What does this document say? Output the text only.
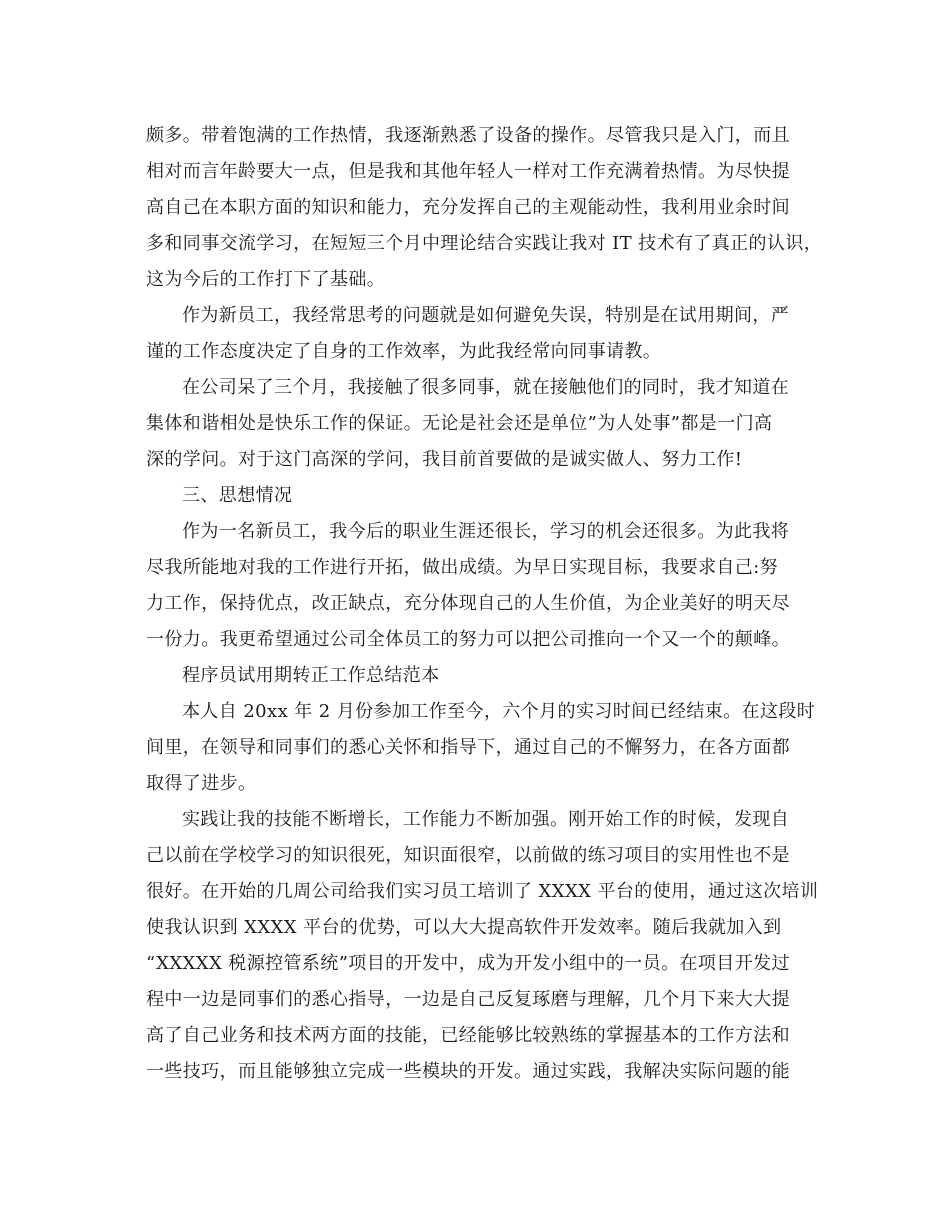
颇多。带着饱满的工作热情，我逐渐熟悉了设备的操作。尽管我只是入门，而且
相对而言年龄要大一点，但是我和其他年轻人一样对工作充满着热情。为尽快提
高自己在本职方面的知识和能力，充分发挥自己的主观能动性，我利用业余时间
多和同事交流学习，在短短三个月中理论结合实践让我对 IT 技术有了真正的认识，
这为今后的工作打下了基础。
作为新员工，我经常思考的问题就是如何避免失误，特别是在试用期间，严
谨的工作态度决定了自身的工作效率，为此我经常向同事请教。
在公司呆了三个月，我接触了很多同事，就在接触他们的同时，我才知道在
集体和谐相处是快乐工作的保证。无论是社会还是单位”为人处事”都是一门高
深的学问。对于这门高深的学问，我目前首要做的是诚实做人、努力工作!
三、思想情况
作为一名新员工，我今后的职业生涯还很长，学习的机会还很多。为此我将
尽我所能地对我的工作进行开拓，做出成绩。为早日实现目标，我要求自己:努
力工作，保持优点，改正缺点，充分体现自己的人生价值，为企业美好的明天尽
一份力。我更希望通过公司全体员工的努力可以把公司推向一个又一个的颠峰。
程序员试用期转正工作总结范本
本人自 20xx 年 2 月份参加工作至今，六个月的实习时间已经结束。在这段时
间里，在领导和同事们的悉心关怀和指导下，通过自己的不懈努力，在各方面都
取得了进步。
实践让我的技能不断增长，工作能力不断加强。刚开始工作的时候，发现自
己以前在学校学习的知识很死，知识面很窄，以前做的练习项目的实用性也不是
很好。在开始的几周公司给我们实习员工培训了 XXXX 平台的使用，通过这次培训
使我认识到 XXXX 平台的优势，可以大大提高软件开发效率。随后我就加入到
“XXXXX 税源控管系统”项目的开发中，成为开发小组中的一员。在项目开发过
程中一边是同事们的悉心指导，一边是自己反复琢磨与理解，几个月下来大大提
高了自己业务和技术两方面的技能，已经能够比较熟练的掌握基本的工作方法和
一些技巧，而且能够独立完成一些模块的开发。通过实践，我解决实际问题的能
